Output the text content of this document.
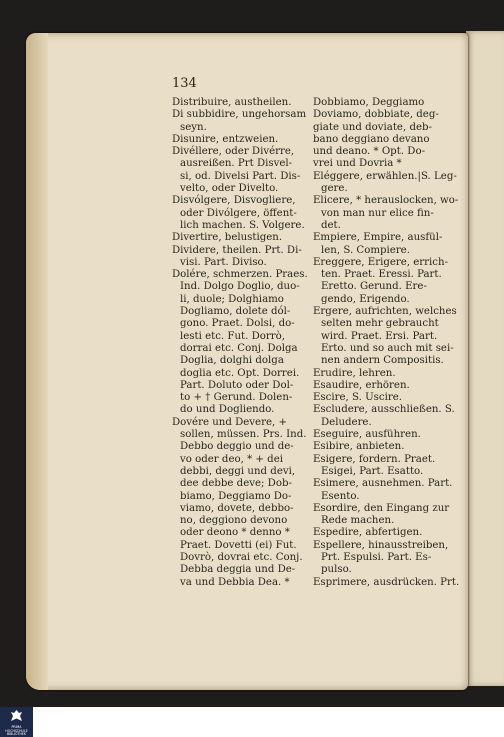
134
Distribuire, austheilen.
Di subbidire, ungehorsam
seyn.
Disunire, entzweien.
Divéllere, oder Divérre,
ausreißen. Prt Disvel-
si, od. Divelsi Part. Dis-
velto, oder Divelto.
Disvólgere, Disvogliere,
oder Divólgere, öffent-
lich machen. S. Volgere.
Divertire, belustigen.
Dividere, theilen. Prt. Di-
visi. Part. Diviso.
Dolére, schmerzen. Praes.
Ind. Dolgo Doglio, duo-
li, duole; Dolghiamo
Dogliamo, dolete dól-
gono. Praet. Dolsi, do-
lesti etc. Fut. Dorrò,
dorrai etc. Conj. Dolga
Doglia, dolghi dolga
doglia etc. Opt. Dorrei.
Part. Doluto oder Dol-
to + † Gerund. Dolen-
do und Dogliendo.
Dovére und Devere, +
sollen, müssen. Prs. Ind.
Debbo deggio und de-
vo oder deo, * + dei
debbi, deggi und devi,
dee debbe deve; Dob-
biamo, Deggiamo Do-
viamo, dovete, debbo-
no, deggiono devono
oder deono * denno *
Praet. Dovetti (ei) Fut.
Dovrò, dovrai etc. Conj.
Debba deggia und De-
va und Debbia Dea. *
Dobbiamo, Deggiamo
Doviamo, dobbiate, deg-
giate und doviate, deb-
bano deggiano devano
und deano. * Opt. Do-
vrei und Dovria *
Eléggere, erwählen.|S. Leg-
gere.
Elicere, * herauslocken, wo-
von man nur elice fin-
det.
Empiere, Empire, ausfül-
len, S. Compiere.
Ereggere, Erigere, errich-
ten. Praet. Eressi. Part.
Eretto. Gerund. Ere-
gendo, Erigendo.
Ergere, aufrichten, welches
selten mehr gebraucht
wird. Praet. Ersi. Part.
Erto. und so auch mit sei-
nen andern Compositis.
Erudire, lehren.
Esaudire, erhören.
Escire, S. Uscire.
Escludere, ausschließen. S.
Deludere.
Eseguire, ausführen.
Esibire, anbieten.
Esigere, fordern. Praet.
Esigei, Part. Esatto.
Esimere, ausnehmen. Part.
Esento.
Esordire, den Eingang zur
Rede machen.
Espedire, abfertigen.
Espellere, hinausstreiben,
Prt. Espulsi. Part. Es-
pulso.
Esprimere, ausdrücken. Prt.
PRIMA HOCHSCHULE BIBLIOTHEK
